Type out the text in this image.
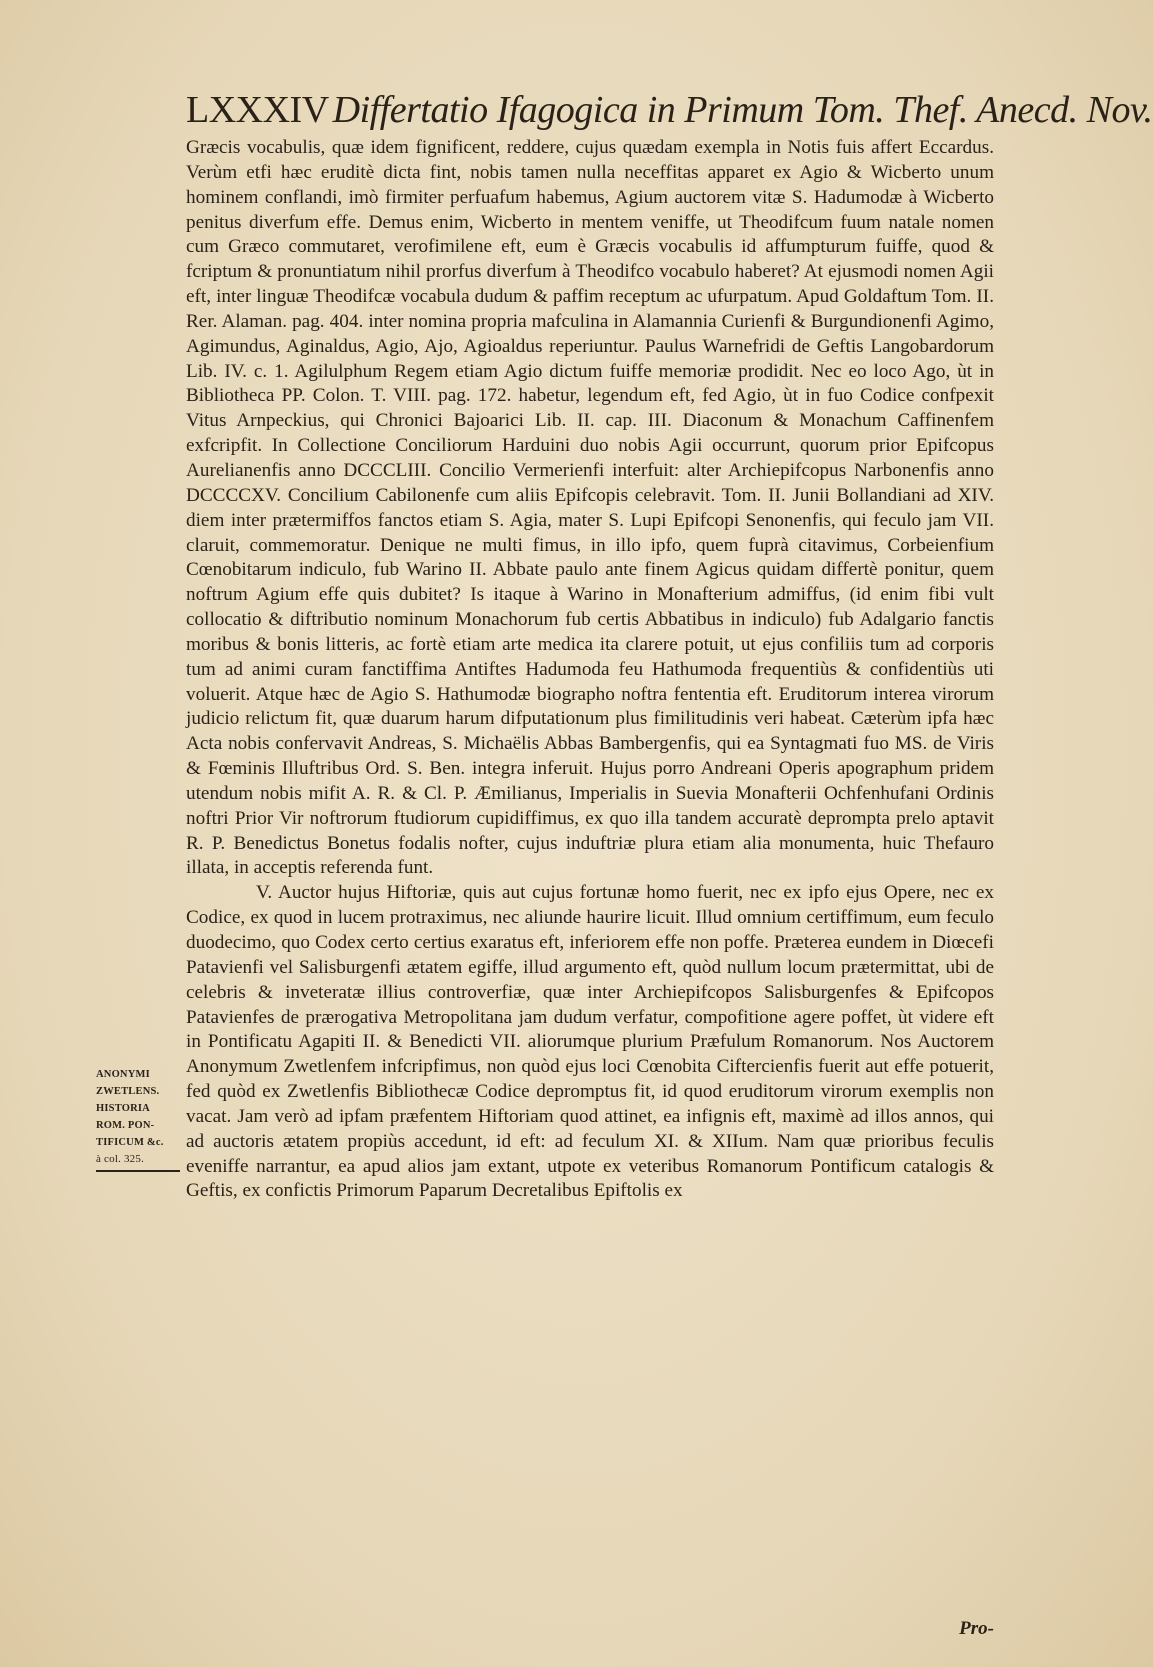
LXXXIV Differtatio Ifagogica in Primum Tom. Thef. Anecd. Nov.

Græcis vocabulis, quæ idem fignificent, reddere, cujus quædam exempla in Notis fuis affert Eccardus. Verùm etfi hæc eruditè dicta fint, nobis tamen nulla neceffitas apparet ex Agio & Wicberto unum hominem conflandi, imò firmiter perfuafum habemus, Agium auctorem vitæ S. Hadumodæ à Wicberto penitus diverfum effe. Demus enim, Wicberto in mentem veniffe, ut Theodifcum fuum natale nomen cum Græco commutaret, verofimilene eft, eum è Græcis vocabulis id affumpturum fuiffe, quod & fcriptum & pronuntiatum nihil prorfus diverfum à Theodifco vocabulo haberet? At ejusmodi nomen Agii eft, inter linguæ Theodifcæ vocabula dudum & paffim receptum ac ufurpatum. Apud Goldaftum Tom. II. Rer. Alaman. pag. 404. inter nomina propria mafculina in Alamannia Curienfi & Burgundionenfi Agimo, Agimundus, Aginaldus, Agio, Ajo, Agioaldus reperiuntur. Paulus Warnefridi de Geftis Langobardorum Lib. IV. c. 1. Agilulphum Regem etiam Agio dictum fuiffe memoriæ prodidit. Nec eo loco Ago, ùt in Bibliotheca PP. Colon. T. VIII. pag. 172. habetur, legendum eft, fed Agio, ùt in fuo Codice confpexit Vitus Arnpeckius, qui Chronici Bajoarici Lib. II. cap. III. Diaconum & Monachum Caffinenfem exfcripfit. In Collectione Conciliorum Harduini duo nobis Agii occurrunt, quorum prior Epifcopus Aurelianenfis anno DCCCLIII. Concilio Vermerienfi interfuit: alter Archiepifcopus Narbonenfis anno DCCCCXV. Concilium Cabilonenfe cum aliis Epifcopis celebravit. Tom. II. Junii Bollandiani ad XIV. diem inter prætermiffos fanctos etiam S. Agia, mater S. Lupi Epifcopi Senonenfis, qui feculo jam VII. claruit, commemoratur. Denique ne multi fimus, in illo ipfo, quem fuprà citavimus, Corbeienfium Cœnobitarum indiculo, fub Warino II. Abbate paulo ante finem Agicus quidam differtè ponitur, quem noftrum Agium effe quis dubitet? Is itaque à Warino in Monafterium admiffus, (id enim fibi vult collocatio & diftributio nominum Monachorum fub certis Abbatibus in indiculo) fub Adalgario fanctis moribus & bonis litteris, ac fortè etiam arte medica ita clarere potuit, ut ejus confiliis tum ad corporis tum ad animi curam fanctiffima Antiftes Hadumoda feu Hathumoda frequentiùs & confidentiùs uti voluerit. Atque hæc de Agio S. Hathumodæ biographo noftra fententia eft. Eruditorum interea virorum judicio relictum fit, quæ duarum harum difputationum plus fimilitudinis veri habeat. Cæterùm ipfa hæc Acta nobis confervavit Andreas, S. Michaëlis Abbas Bambergenfis, qui ea Syntagmati fuo MS. de Viris & Fœminis Illuftribus Ord. S. Ben. integra inferuit. Hujus porro Andreani Operis apographum pridem utendum nobis mifit A. R. & Cl. P. Æmilianus, Imperialis in Suevia Monafterii Ochfenhufani Ordinis noftri Prior Vir noftrorum ftudiorum cupidiffimus, ex quo illa tandem accuratè deprompta prelo aptavit R. P. Benedictus Bonetus fodalis nofter, cujus induftriæ plura etiam alia monumenta, huic Thefauro illata, in acceptis referenda funt.

V. Auctor hujus Hiftoriæ, quis aut cujus fortunæ homo fuerit, nec ex ipfo ejus Opere, nec ex Codice, ex quod in lucem protraximus, nec aliunde haurire licuit. Illud omnium certiffimum, eum feculo duodecimo, quo Codex certo certius exaratus eft, inferiorem effe non poffe. Præterea eundem in Diœcefi Patavienfi vel Salisburgenfi ætatem egiffe, illud argumento eft, quòd nullum locum prætermittat, ubi de celebris & inveteratæ illius controverfiæ, quæ inter Archiepifcopos Salisburgenfes & Epifcopos Patavienfes de prærogativa Metropolitana jam dudum verfatur, compofitione agere poffet, ùt videre eft in Pontificatu Agapiti II. & Benedicti VII. aliorumque plurium Præfulum Romanorum. Nos Auctorem Anonymum Zwetlenfem infcripfimus, non quòd ejus loci Cœnobita Ciftercienfis fuerit aut effe potuerit, fed quòd ex Zwetlenfis Bibliothecæ Codice depromptus fit, id quod eruditorum virorum exemplis non vacat. Jam verò ad ipfam præfentem Hiftoriam quod attinet, ea infignis eft, maximè ad illos annos, qui ad auctoris ætatem propiùs accedunt, id eft: ad feculum XI. & XIIum. Nam quæ prioribus feculis eveniffe narrantur, ea apud alios jam extant, utpote ex veteribus Romanorum Pontificum catalogis & Geftis, ex confictis Primorum Paparum Decretalibus Epiftolis ex

ANONYMI
ZWETLENS.
HISTORIA
ROM. PON-
TIFICUM &c.
à col. 325.
Pro-
